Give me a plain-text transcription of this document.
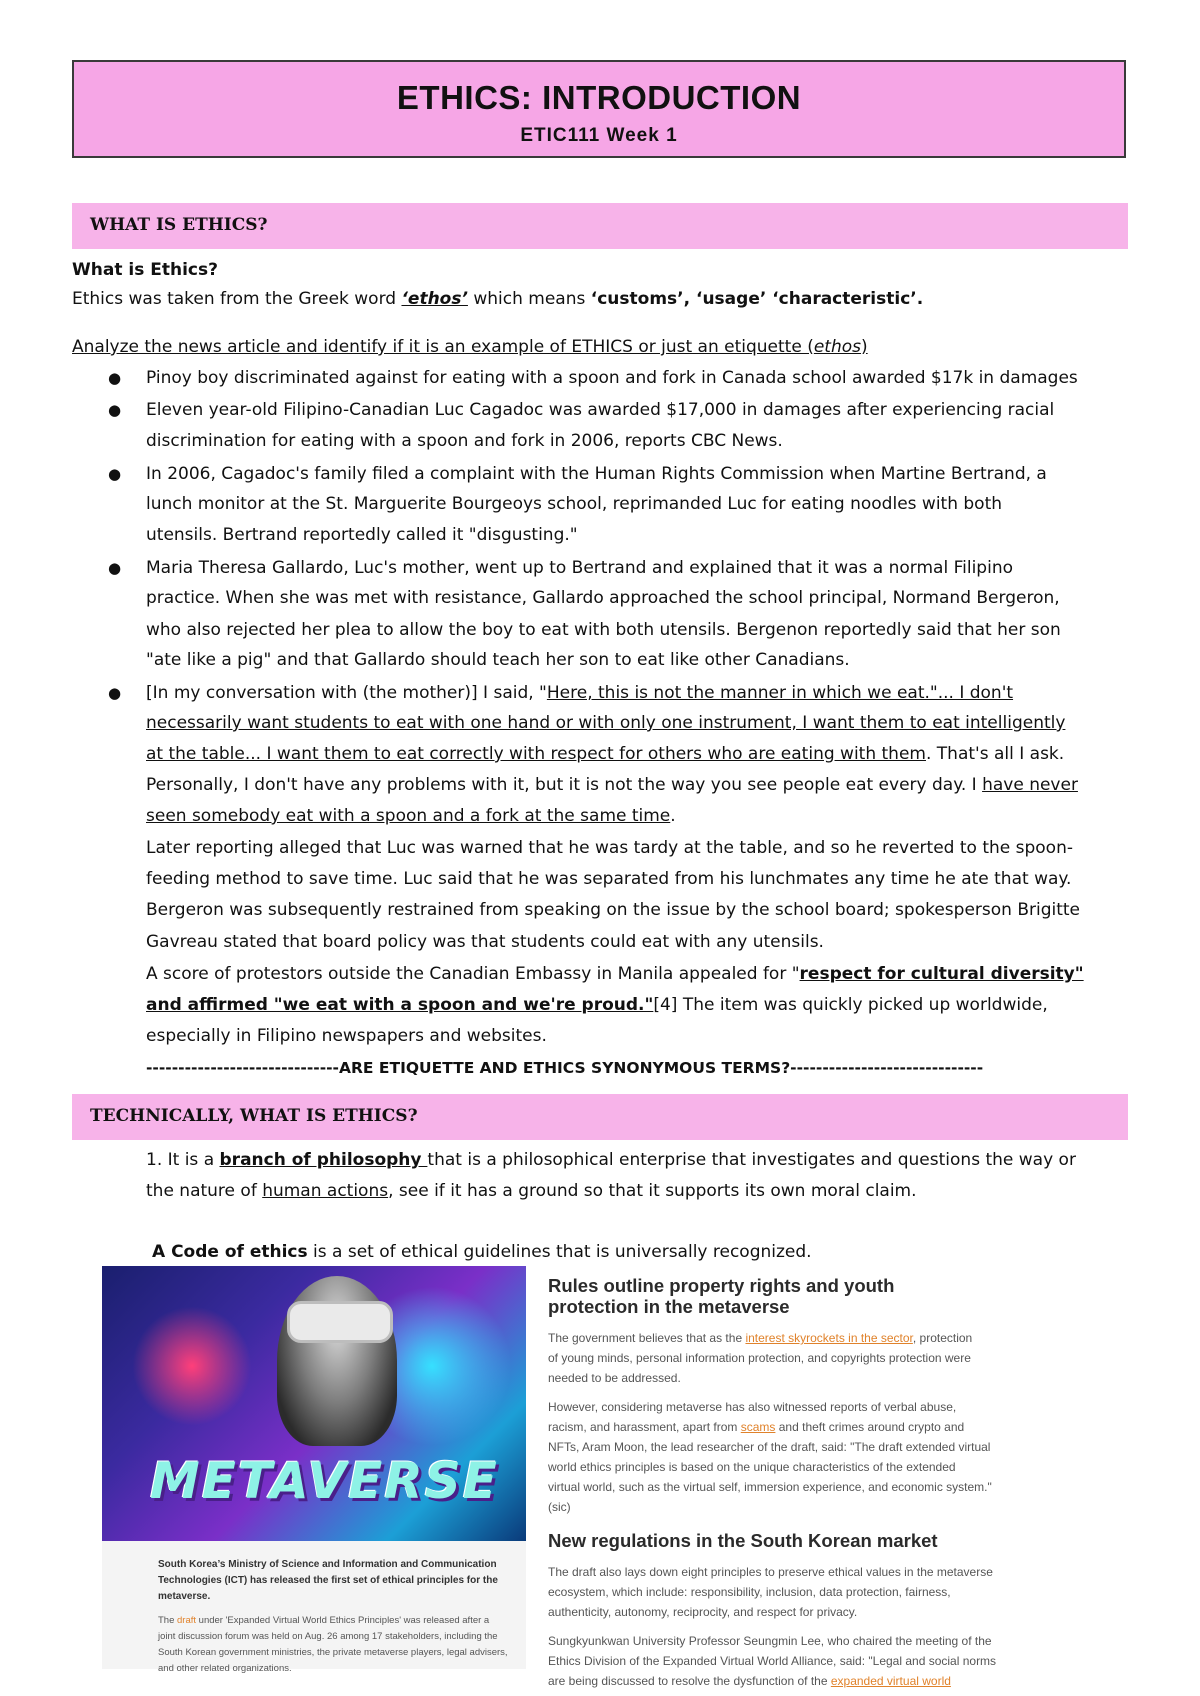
ETHICS: INTRODUCTION
ETIC111 Week 1
WHAT IS ETHICS?
What is Ethics?
Ethics was taken from the Greek word ‘ethos’ which means ‘customs’, ‘usage’ ‘characteristic’.
Analyze the news article and identify if it is an example of ETHICS or just an etiquette (ethos)
● Pinoy boy discriminated against for eating with a spoon and fork in Canada school awarded $17k in damages
● Eleven year-old Filipino-Canadian Luc Cagadoc was awarded $17,000 in damages after experiencing racial
discrimination for eating with a spoon and fork in 2006, reports CBC News.
● In 2006, Cagadoc's family filed a complaint with the Human Rights Commission when Martine Bertrand, a
lunch monitor at the St. Marguerite Bourgeoys school, reprimanded Luc for eating noodles with both
utensils. Bertrand reportedly called it "disgusting."
● Maria Theresa Gallardo, Luc's mother, went up to Bertrand and explained that it was a normal Filipino
practice. When she was met with resistance, Gallardo approached the school principal, Normand Bergeron,
who also rejected her plea to allow the boy to eat with both utensils. Bergenon reportedly said that her son
"ate like a pig" and that Gallardo should teach her son to eat like other Canadians.
● [In my conversation with (the mother)] I said, "Here, this is not the manner in which we eat."... I don't
necessarily want students to eat with one hand or with only one instrument, I want them to eat intelligently
at the table... I want them to eat correctly with respect for others who are eating with them. That's all I ask.
Personally, I don't have any problems with it, but it is not the way you see people eat every day. I have never
seen somebody eat with a spoon and a fork at the same time.
Later reporting alleged that Luc was warned that he was tardy at the table, and so he reverted to the spoon-
feeding method to save time. Luc said that he was separated from his lunchmates any time he ate that way.
Bergeron was subsequently restrained from speaking on the issue by the school board; spokesperson Brigitte
Gavreau stated that board policy was that students could eat with any utensils.
A score of protestors outside the Canadian Embassy in Manila appealed for "respect for cultural diversity"
and affirmed "we eat with a spoon and we're proud."[4] The item was quickly picked up worldwide,
especially in Filipino newspapers and websites.
------------------------------ARE ETIQUETTE AND ETHICS SYNONYMOUS TERMS?------------------------------
TECHNICALLY, WHAT IS ETHICS?
1. It is a branch of philosophy that is a philosophical enterprise that investigates and questions the way or
the nature of human actions, see if it has a ground so that it supports its own moral claim.
A Code of ethics is a set of ethical guidelines that is universally recognized.
METAVERSE
South Korea’s Ministry of Science and Information and Communication Technologies (ICT) has released the first set of ethical principles for the metaverse.
The draft under 'Expanded Virtual World Ethics Principles' was released after a joint discussion forum was held on Aug. 26 among 17 stakeholders, including the South Korean government ministries, the private metaverse players, legal advisers, and other related organizations.
Rules outline property rights and youth
protection in the metaverse
The government believes that as the interest skyrockets in the sector, protection
of young minds, personal information protection, and copyrights protection were
needed to be addressed.
However, considering metaverse has also witnessed reports of verbal abuse,
racism, and harassment, apart from scams and theft crimes around crypto and
NFTs, Aram Moon, the lead researcher of the draft, said: "The draft extended virtual
world ethics principles is based on the unique characteristics of the extended
virtual world, such as the virtual self, immersion experience, and economic system."
(sic)
New regulations in the South Korean market
The draft also lays down eight principles to preserve ethical values in the metaverse
ecosystem, which include: responsibility, inclusion, data protection, fairness,
authenticity, autonomy, reciprocity, and respect for privacy.
Sungkyunkwan University Professor Seungmin Lee, who chaired the meeting of the
Ethics Division of the Expanded Virtual World Alliance, said: "Legal and social norms
are being discussed to resolve the dysfunction of the expanded virtual world
